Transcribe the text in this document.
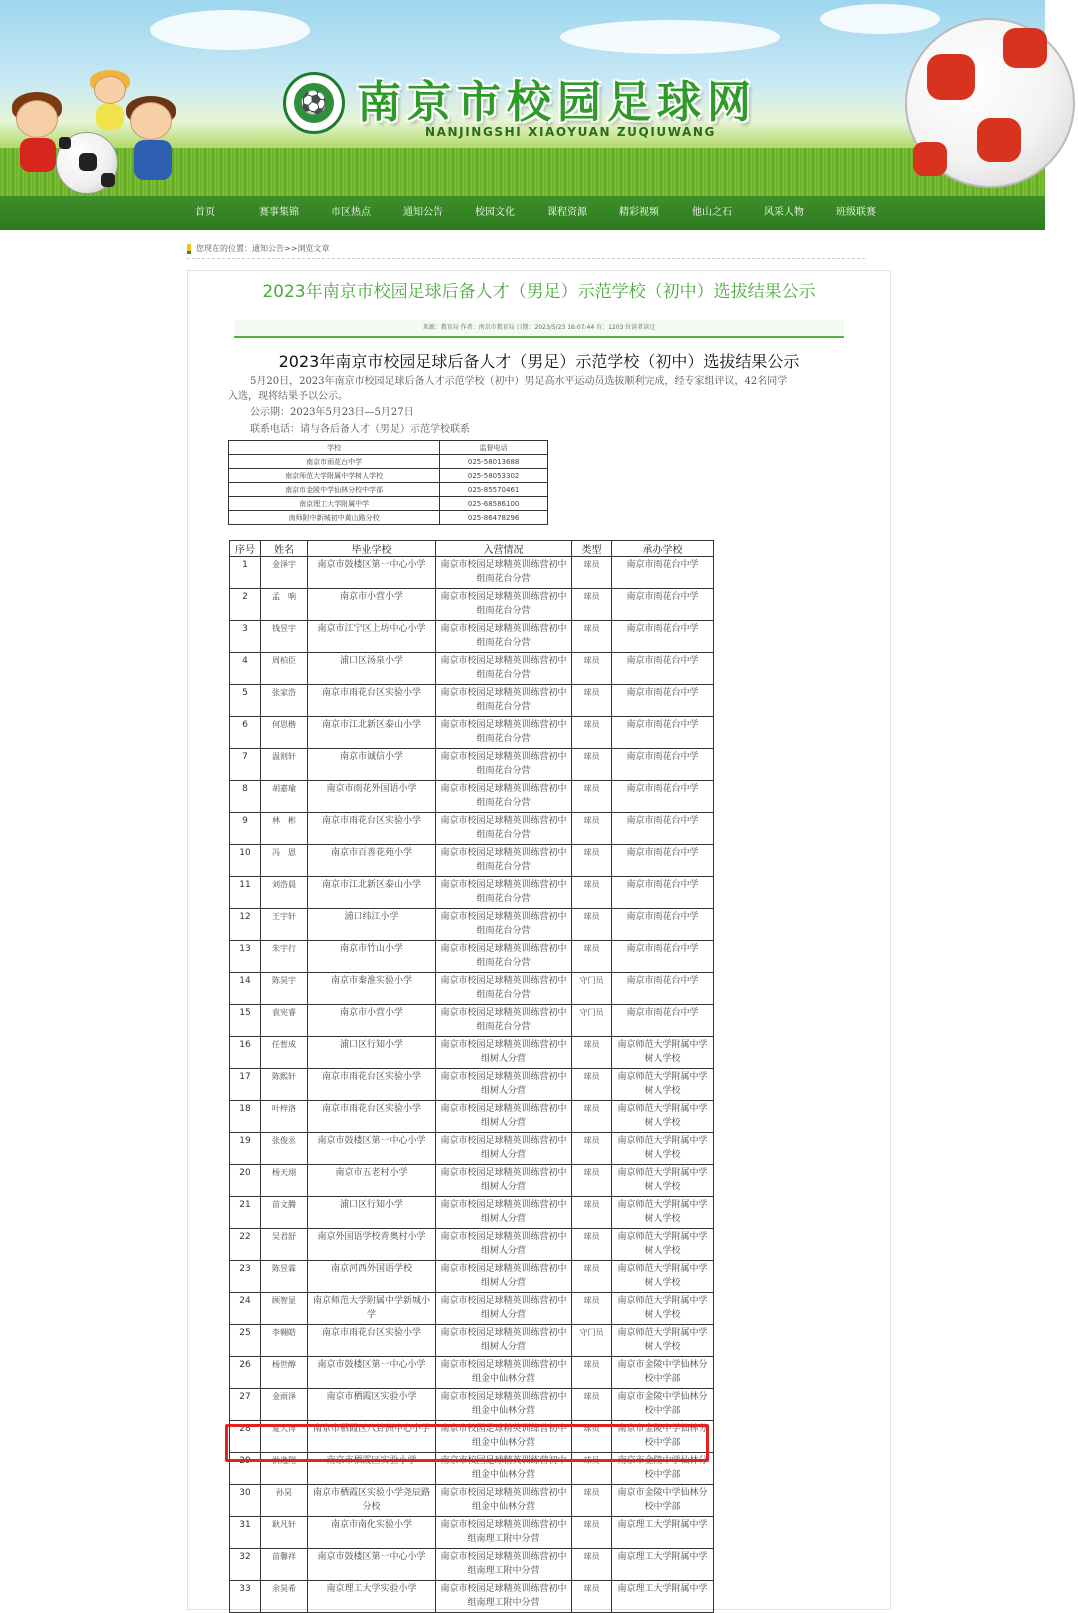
⚽ 南京市校园足球网
NANJINGSHI XIAOYUAN ZUQIUWANG
首页	赛事集锦	市区热点	通知公告	校园文化	课程资源	精彩视频	他山之石	风采人物	班级联赛
您现在的位置：通知公告>>浏览文章
2023年南京市校园足球后备人才（男足）示范学校（初中）选拔结果公示
来源：教育局 作者：南京市教育局 日期：2023/5/23 16:07:44 有：1203 位读者读过
2023年南京市校园足球后备人才（男足）示范学校（初中）选拔结果公示
5月20日，2023年南京市校园足球后备人才示范学校（初中）男足高水平运动员选拔顺利完成，经专家组评议，42名同学
入选，现将结果予以公示。
公示期：2023年5月23日—5月27日
联系电话：请与各后备人才（男足）示范学校联系
学校	监督电话
南京市雨花台中学	025-58013688
南京师范大学附属中学树人学校	025-58053302
南京市金陵中学仙林分校中学部	025-85570461
南京理工大学附属中学	025-68586100
南师附中新城初中黄山路分校	025-86478296
序号	姓名	毕业学校	入营情况	类型	承办学校
1	金泽宇	南京市鼓楼区第一中心小学	南京市校园足球精英训练营初中组雨花台分营	球员	南京市雨花台中学
2	孟　响	南京市小营小学	南京市校园足球精英训练营初中组雨花台分营	球员	南京市雨花台中学
3	钱昱宇	南京市江宁区上坊中心小学	南京市校园足球精英训练营初中组雨花台分营	球员	南京市雨花台中学
4	周柏臣	浦口区汤泉小学	南京市校园足球精英训练营初中组雨花台分营	球员	南京市雨花台中学
5	张家浩	南京市雨花台区实验小学	南京市校园足球精英训练营初中组雨花台分营	球员	南京市雨花台中学
6	何思楷	南京市江北新区泰山小学	南京市校园足球精英训练营初中组雨花台分营	球员	南京市雨花台中学
7	温则轩	南京市诚信小学	南京市校园足球精英训练营初中组雨花台分营	球员	南京市雨花台中学
8	胡嘉瑜	南京市雨花外国语小学	南京市校园足球精英训练营初中组雨花台分营	球员	南京市雨花台中学
9	林　彬	南京市雨花台区实验小学	南京市校园足球精英训练营初中组雨花台分营	球员	南京市雨花台中学
10	冯　恩	南京市百善花苑小学	南京市校园足球精英训练营初中组雨花台分营	球员	南京市雨花台中学
11	刘浩晨	南京市江北新区泰山小学	南京市校园足球精英训练营初中组雨花台分营	球员	南京市雨花台中学
12	王宇轩	浦口纬江小学	南京市校园足球精英训练营初中组雨花台分营	球员	南京市雨花台中学
13	朱宇行	南京市竹山小学	南京市校园足球精英训练营初中组雨花台分营	球员	南京市雨花台中学
14	陈昊宇	南京市秦淮实验小学	南京市校园足球精英训练营初中组雨花台分营	守门员	南京市雨花台中学
15	袁宪睿	南京市小营小学	南京市校园足球精英训练营初中组雨花台分营	守门员	南京市雨花台中学
16	任皙成	浦口区行知小学	南京市校园足球精英训练营初中组树人分营	球员	南京师范大学附属中学树人学校
17	陈熙轩	南京市雨花台区实验小学	南京市校园足球精英训练营初中组树人分营	球员	南京师范大学附属中学树人学校
18	叶梓洛	南京市雨花台区实验小学	南京市校园足球精英训练营初中组树人分营	球员	南京师范大学附属中学树人学校
19	张俊丞	南京市鼓楼区第一中心小学	南京市校园足球精英训练营初中组树人分营	球员	南京师范大学附属中学树人学校
20	杨天翊	南京市五老村小学	南京市校园足球精英训练营初中组树人分营	球员	南京师范大学附属中学树人学校
21	苗文腾	浦口区行知小学	南京市校园足球精英训练营初中组树人分营	球员	南京师范大学附属中学树人学校
22	吴君舒	南京外国语学校青奥村小学	南京市校园足球精英训练营初中组树人分营	球员	南京师范大学附属中学树人学校
23	陈昱霖	南京河西外国语学校	南京市校园足球精英训练营初中组树人分营	球员	南京师范大学附属中学树人学校
24	顾智显	南京师范大学附属中学新城小学	南京市校园足球精英训练营初中组树人分营	球员	南京师范大学附属中学树人学校
25	李翱皓	南京市雨花台区实验小学	南京市校园足球精英训练营初中组树人分营	守门员	南京师范大学附属中学树人学校
26	杨世醇	南京市鼓楼区第一中心小学	南京市校园足球精英训练营初中组金中仙林分营	球员	南京市金陵中学仙林分校中学部
27	金雨泽	南京市栖霞区实验小学	南京市校园足球精英训练营初中组金中仙林分营	球员	南京市金陵中学仙林分校中学部
28	夏大博	南京市栖霞区八卦洲中心小学	南京市校园足球精英训练营初中组金中仙林分营	球员	南京市金陵中学仙林分校中学部
29	洪逸翔	南京市栖霞区实验小学	南京市校园足球精英训练营初中组金中仙林分营	球员	南京市金陵中学仙林分校中学部
30	孙昊	南京市栖霞区实验小学尧辰路分校	南京市校园足球精英训练营初中组金中仙林分营	球员	南京市金陵中学仙林分校中学部
31	耿凡轩	南京市南化实验小学	南京市校园足球精英训练营初中组南理工附中分营	球员	南京理工大学附属中学
32	苗馨祥	南京市鼓楼区第一中心小学	南京市校园足球精英训练营初中组南理工附中分营	球员	南京理工大学附属中学
33	余昊希	南京理工大学实验小学	南京市校园足球精英训练营初中组南理工附中分营	球员	南京理工大学附属中学
